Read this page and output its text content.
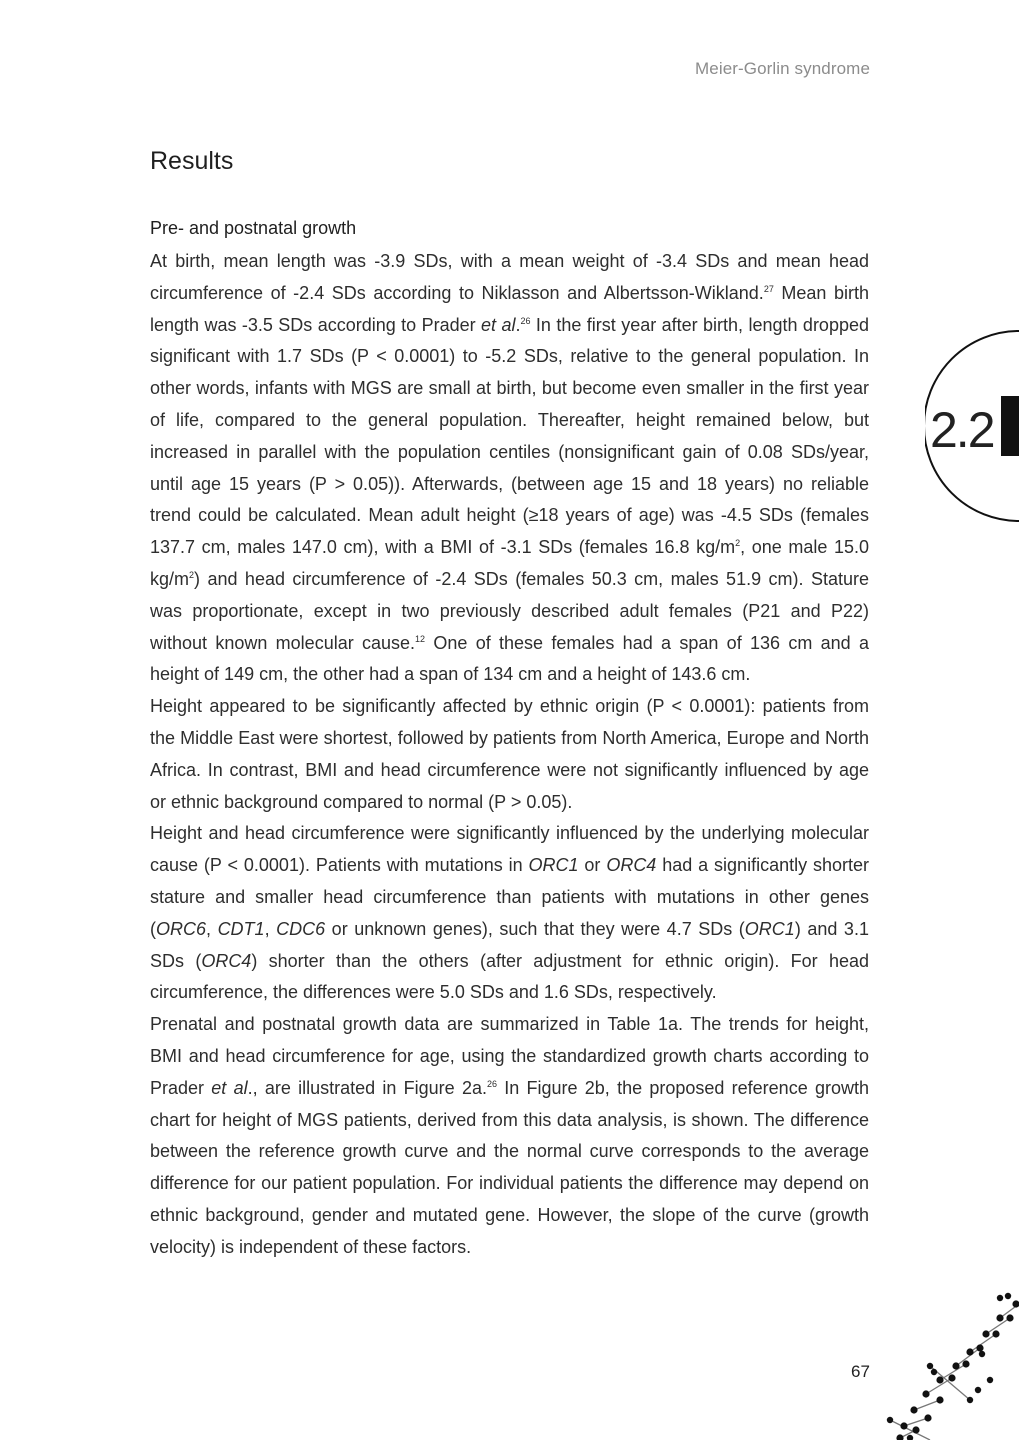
Meier-Gorlin syndrome
Results
Pre- and postnatal growth

At birth, mean length was -3.9 SDs, with a mean weight of -3.4 SDs and mean head circumference of -2.4 SDs according to Niklasson and Albertsson-Wikland.$^{27}$ Mean birth length was -3.5 SDs according to Prader et al.$^{26}$ In the first year after birth, length dropped significant with 1.7 SDs (P < 0.0001) to -5.2 SDs, relative to the general population. In other words, infants with MGS are small at birth, but become even smaller in the first year of life, compared to the general population. Thereafter, height remained below, but increased in parallel with the population centiles (nonsignificant gain of 0.08 SDs/year, until age 15 years (P > 0.05)). Afterwards, (between age 15 and 18 years) no reliable trend could be calculated. Mean adult height (≥18 years of age) was -4.5 SDs (females 137.7 cm, males 147.0 cm), with a BMI of -3.1 SDs (females 16.8 $kg/m^2$, one male 15.0 $kg/m^2$) and head circumference of -2.4 SDs (females 50.3 cm, males 51.9 cm). Stature was proportionate, except in two previously described adult females (P21 and P22) without known molecular cause.$^{12}$ One of these females had a span of 136 cm and a height of 149 cm, the other had a span of 134 cm and a height of 143.6 cm.

Height appeared to be significantly affected by ethnic origin (P < 0.0001): patients from the Middle East were shortest, followed by patients from North America, Europe and North Africa. In contrast, BMI and head circumference were not significantly influenced by age or ethnic background compared to normal (P > 0.05).

Height and head circumference were significantly influenced by the underlying molecular cause (P < 0.0001). Patients with mutations in ORC1 or ORC4 had a significantly shorter stature and smaller head circumference than patients with mutations in other genes (ORC6, CDT1, CDC6 or unknown genes), such that they were 4.7 SDs (ORC1) and 3.1 SDs (ORC4) shorter than the others (after adjustment for ethnic origin). For head circumference, the differences were 5.0 SDs and 1.6 SDs, respectively.

Prenatal and postnatal growth data are summarized in Table 1a. The trends for height, BMI and head circumference for age, using the standardized growth charts according to Prader et al., are illustrated in Figure 2a.$^{26}$ In Figure 2b, the proposed reference growth chart for height of MGS patients, derived from this data analysis, is shown. The difference between the reference growth curve and the normal curve corresponds to the average difference for our patient population. For individual patients the difference may depend on ethnic background, gender and mutated gene. However, the slope of the curve (growth velocity) is independent of these factors.

2.2
67
